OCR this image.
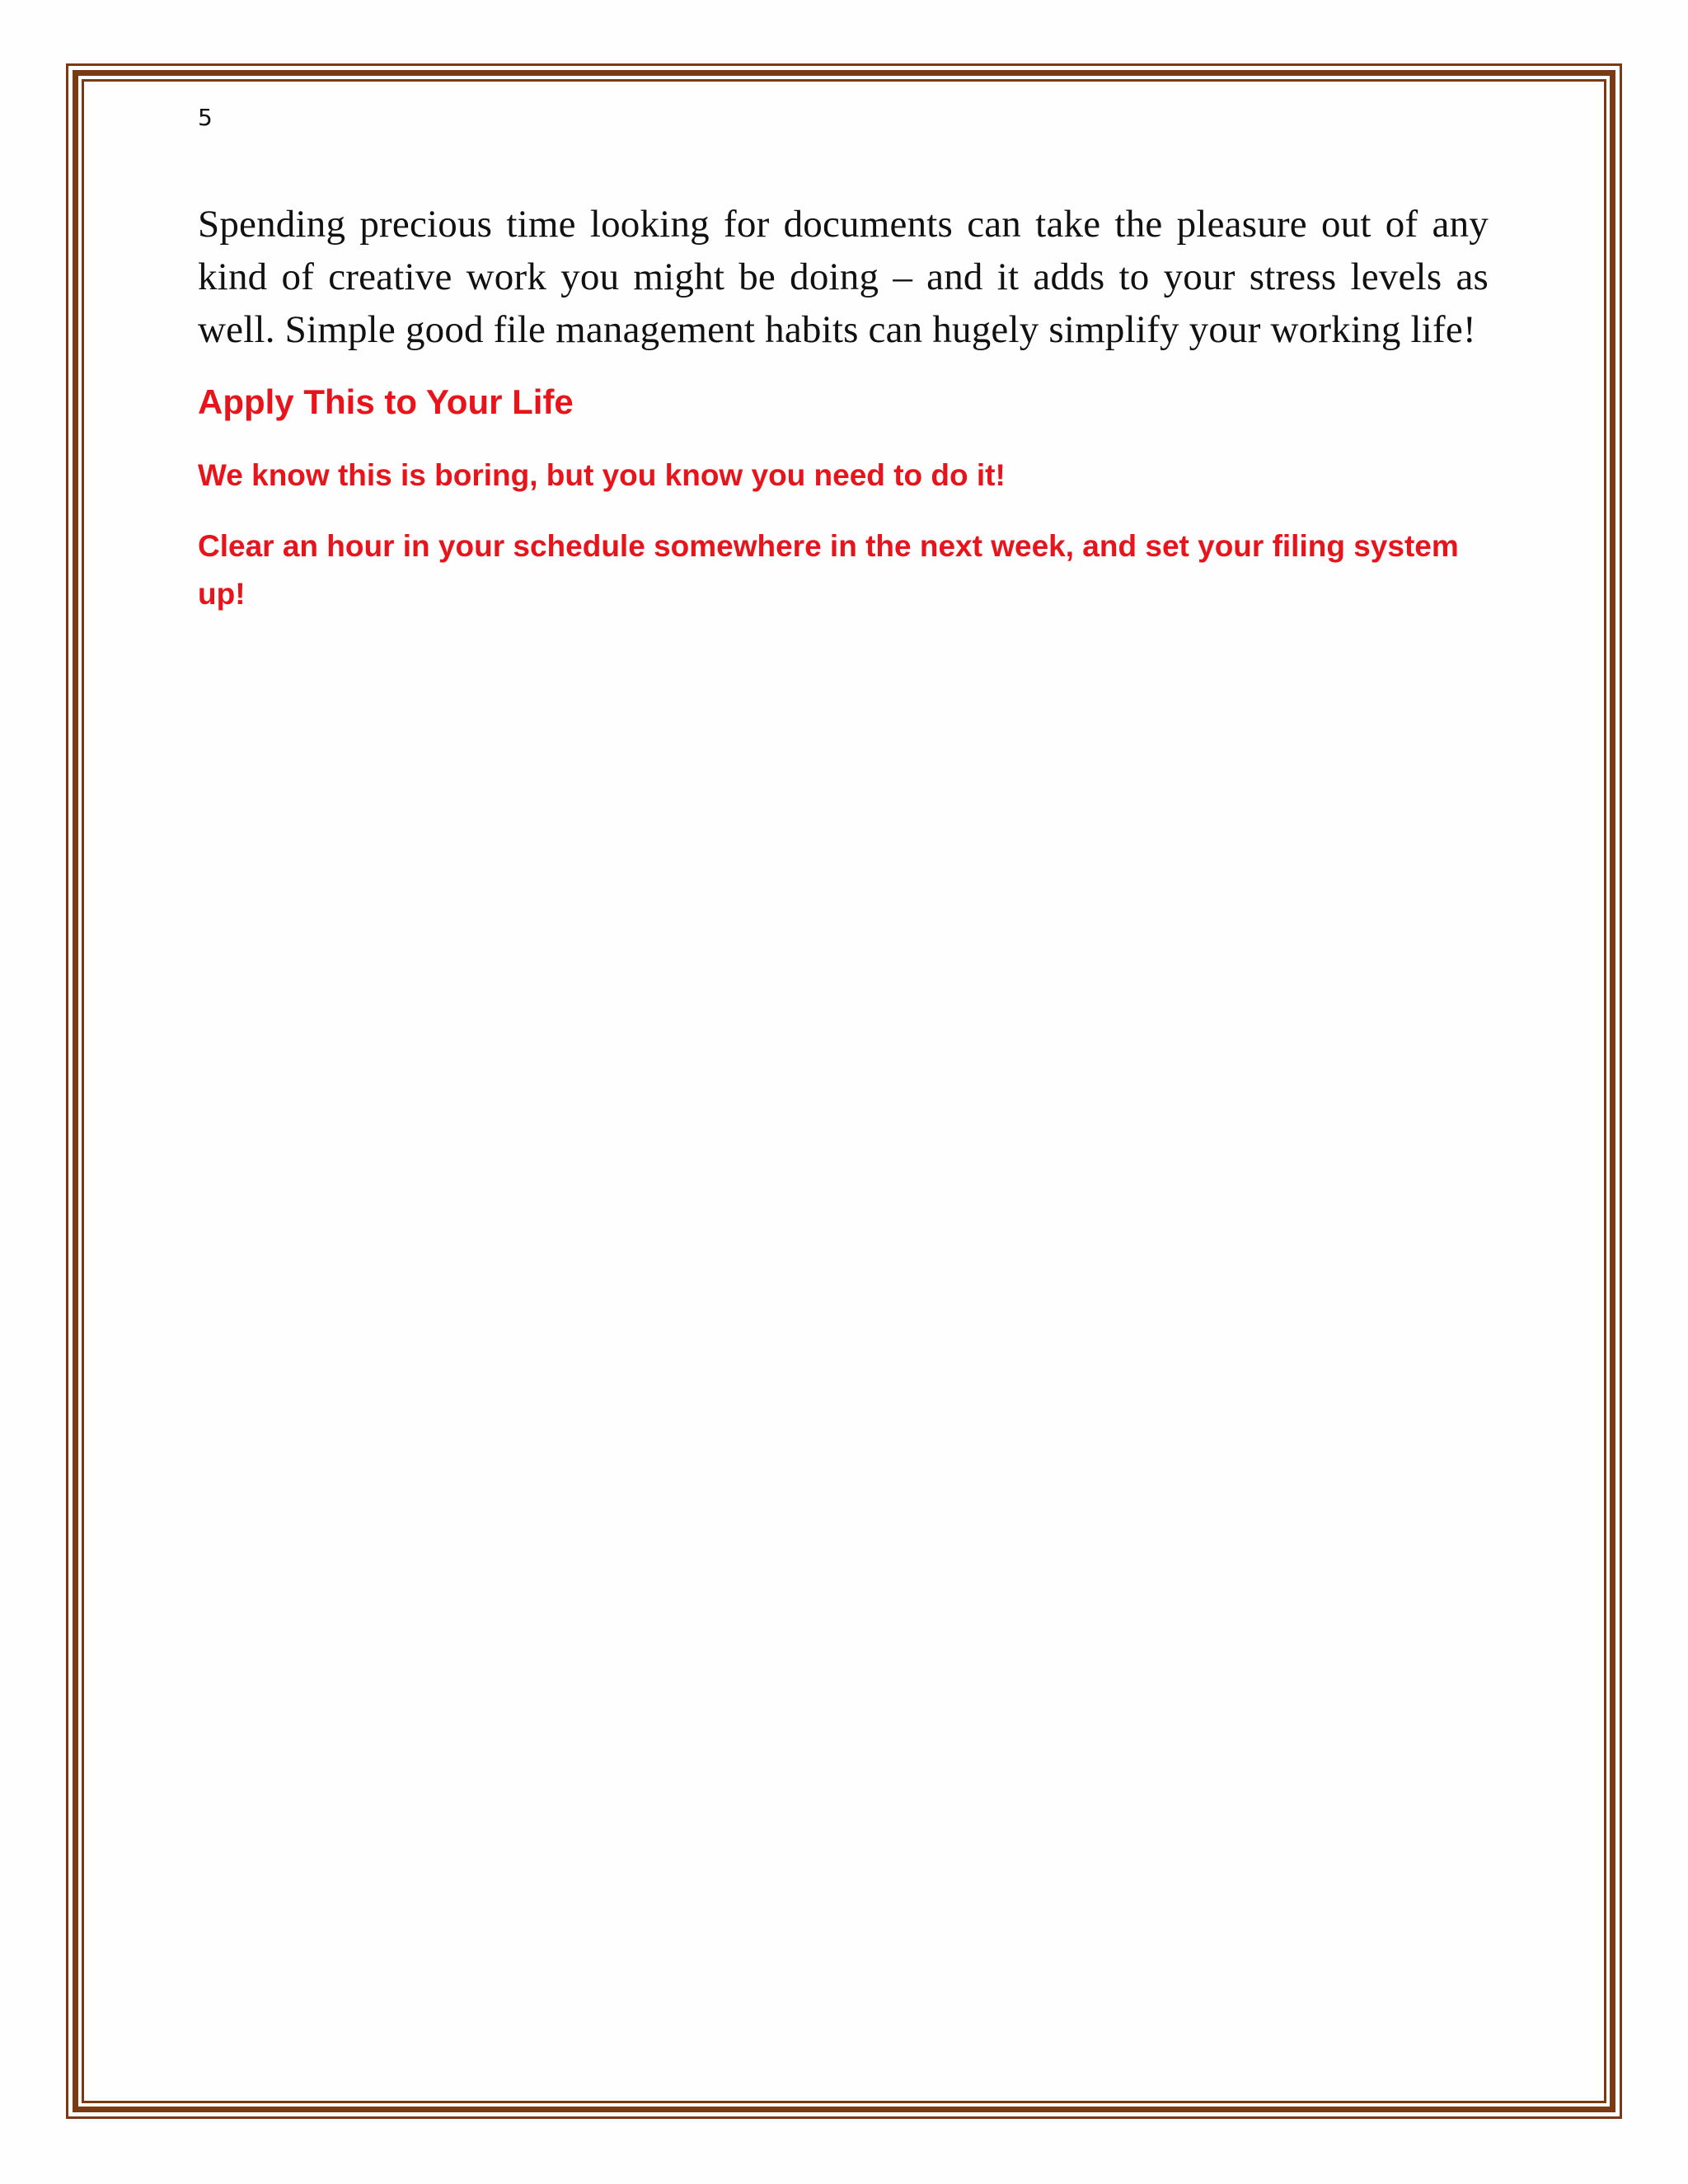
5

Spending precious time looking for documents can take the pleasure out of any kind of creative work you might be doing – and it adds to your stress levels as well. Simple good file management habits can hugely simplify your working life!

Apply This to Your Life

We know this is boring, but you know you need to do it!

Clear an hour in your schedule somewhere in the next week, and set your filing system up!
